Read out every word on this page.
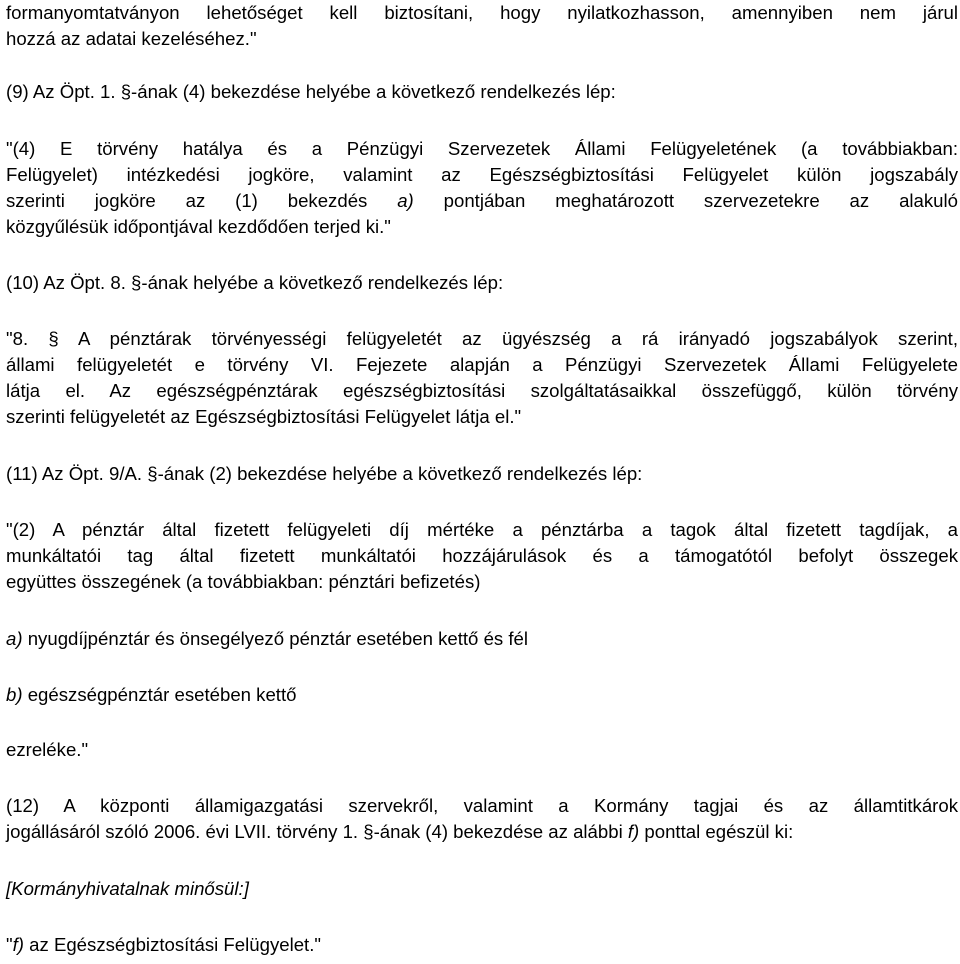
formanyomtatványon lehetőséget kell biztosítani, hogy nyilatkozhasson, amennyiben nem járul
hozzá az adatai kezeléséhez."
(9) Az Öpt. 1. §-ának (4) bekezdése helyébe a következő rendelkezés lép:
"(4) E törvény hatálya és a Pénzügyi Szervezetek Állami Felügyeletének (a továbbiakban:
Felügyelet) intézkedési jogköre, valamint az Egészségbiztosítási Felügyelet külön jogszabály
szerinti jogköre az (1) bekezdés a) pontjában meghatározott szervezetekre az alakuló
közgyűlésük időpontjával kezdődően terjed ki."
(10) Az Öpt. 8. §-ának helyébe a következő rendelkezés lép:
"8. § A pénztárak törvényességi felügyeletét az ügyészség a rá irányadó jogszabályok szerint,
állami felügyeletét e törvény VI. Fejezete alapján a Pénzügyi Szervezetek Állami Felügyelete
látja el. Az egészségpénztárak egészségbiztosítási szolgáltatásaikkal összefüggő, külön törvény
szerinti felügyeletét az Egészségbiztosítási Felügyelet látja el."
(11) Az Öpt. 9/A. §-ának (2) bekezdése helyébe a következő rendelkezés lép:
"(2) A pénztár által fizetett felügyeleti díj mértéke a pénztárba a tagok által fizetett tagdíjak, a
munkáltatói tag által fizetett munkáltatói hozzájárulások és a támogatótól befolyt összegek
együttes összegének (a továbbiakban: pénztári befizetés)
a) nyugdíjpénztár és önsegélyező pénztár esetében kettő és fél
b) egészségpénztár esetében kettő
ezreléke."
(12) A központi államigazgatási szervekről, valamint a Kormány tagjai és az államtitkárok
jogállásáról szóló 2006. évi LVII. törvény 1. §-ának (4) bekezdése az alábbi f) ponttal egészül ki:
[Kormányhivatalnak minősül:]
"f) az Egészségbiztosítási Felügyelet."
